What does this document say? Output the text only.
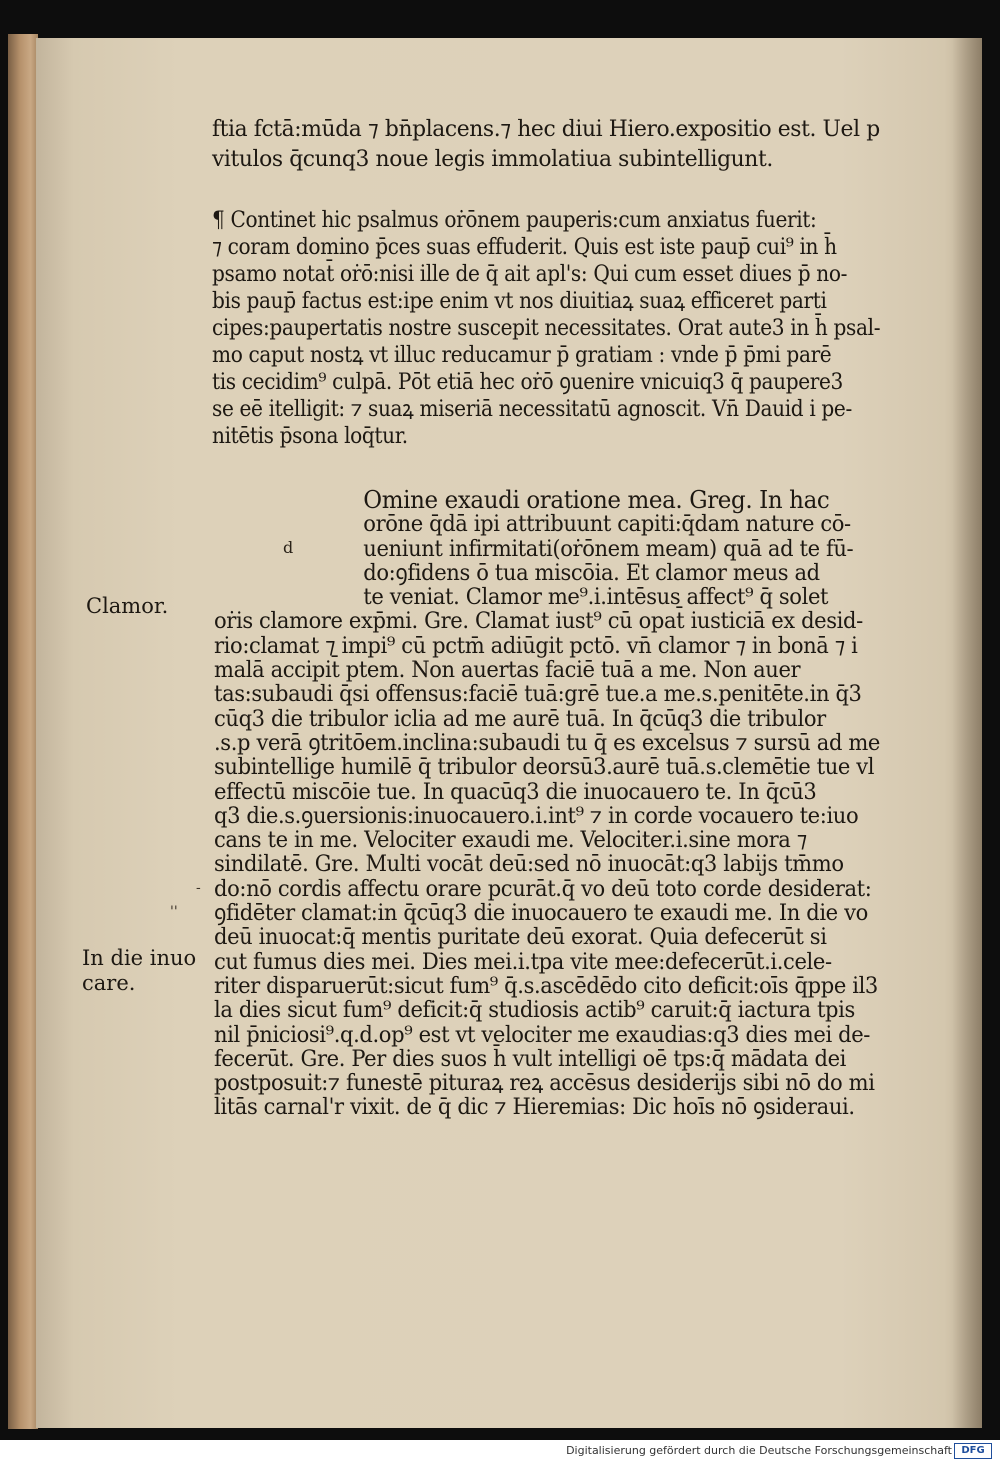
ftia fctā:mūda ⁊ bn̄placens.⁊ hec diui Hiero.expositio est. Uel p
vitulos q̄cunq3 noue legis immolatiua subintelligunt.
¶ Continet hic psalmus oṙōnem pauperis:cum anxiatus fuerit:
⁊ coram domino p̄ces suas effuderit. Quis est iste paup̄ cui⁹ in h̄
psamo notat̄ oṙō:nisi ille de q̄ ait apl's: Qui cum esset diues p̄ no-
bis paup̄ factus est:ipe enim vt nos diuitiaꝝ suaꝝ efficeret parti
cipes:paupertatis nostre suscepit necessitates. Orat aute3 in h̄ psal-
mo caput nostꝝ vt illuc reducamur p̄ gratiam : vnde p̄ p̄mi parē
tis cecidim⁹ culpā. Pōt etiā hec oṙō ꝯuenire vnicuiq3 q̄ paupere3
se eē itelligit: ⁊ suaꝝ miseriā necessitatū agnoscit. Vn̄ Dauid i pe-
nitētis p̄sona loq̄tur.
d
Omine exaudi oratione mea. Greg. In hac
orōne q̄dā ipi attribuunt capiti:q̄dam nature cō-
ueniunt infirmitati(oṙōnem meam) quā ad te fū-
do:ꝯfidens ō tua miscōia. Et clamor meus ad
te veniat. Clamor me⁹.i.intēsus affect⁹ q̄ solet
oṙis clamore exp̄mi. Gre. Clamat iust⁹ cū opat̄ iusticiā ex desid-
rio:clamat ⁊ impi⁹ cū pctm̄ adiūgit pctō. vn̄ clamor ⁊ in bonā ⁊ i
malā accipit̄ ptem. Non auertas faciē tuā a me. Non auer
tas:subaudi q̄si offensus:faciē tuā:grē tue.a me.s.penitēte.in q̄3
cūq3 die tribulor iclia ad me aurē tuā. In q̄cūq3 die tribulor
.s.p verā ꝯtritōem.inclina:subaudi tu q̄ es excelsus ⁊ sursū ad me
subintellige humilē q̄ tribulor deorsū3.aurē tuā.s.clemētie tue vl
effectū miscōie tue. In quacūq3 die inuocauero te. In q̄cū3
q3 die.s.ꝯuersionis:inuocauero.i.int⁹ ⁊ in corde vocauero te:iuo
cans te in me. Velociter exaudi me. Velociter.i.sine mora ⁊
sindilatē. Gre. Multi vocāt deū:sed nō inuocāt:q3 labijs tm̄mo
do:nō cordis affectu orare pcurāt.q̄ vo deū toto corde desiderat:
ꝯfidēter clamat:in q̄cūq3 die inuocauero te exaudi me. In die vo
deū inuocat:q̄ mentis puritate deū exorat. Quia defecerūt si
cut fumus dies mei. Dies mei.i.tpa vite mee:defecerūt.i.cele-
riter disparuerūt:sicut fum⁹ q̄.s.ascēdēdo cito deficit:oīs q̄ppe il3
la dies sicut fum⁹ deficit:q̄ studiosis actib⁹ caruit:q̄ iactura tpis
nil p̄niciosi⁹.q.d.op⁹ est vt velociter me exaudias:q3 dies mei de-
fecerūt. Gre. Per dies suos h̄ vult intelligi oē tps:q̄ mādata dei
postposuit:⁊ funestē pituraꝝ reꝝ accēsus desiderijs sibi nō do mi
litās carnal'r vixit. de q̄ dic ⁊ Hieremias: Dic hoīs nō ꝯsideraui.
Clamor.
In die inuo care.
-
''
Digitalisierung gefördert durch die Deutsche Forschungsgemeinschaft DFG
